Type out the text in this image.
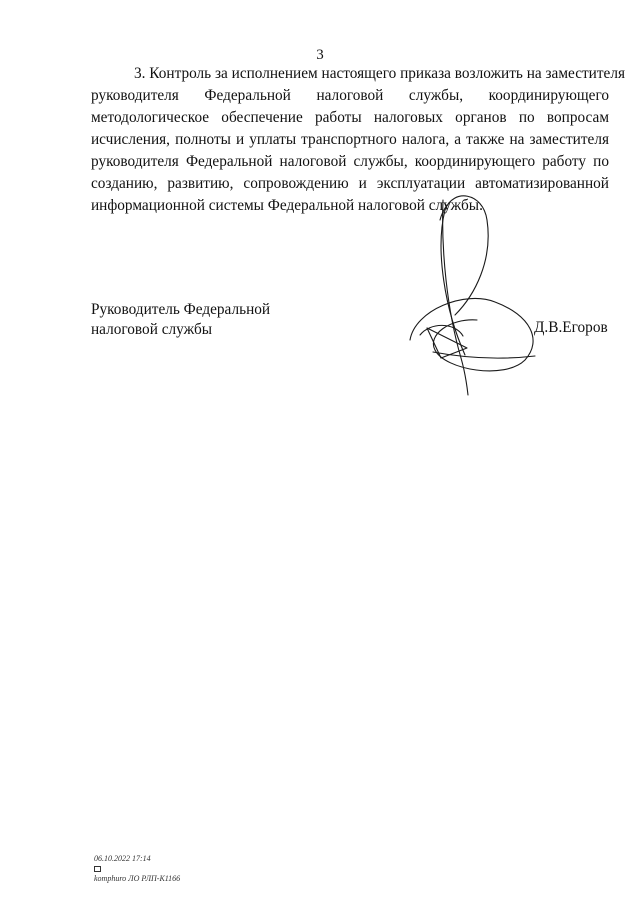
3
3. Контроль за исполнением настоящего приказа возложить на заместителя
руководителя Федеральной налоговой службы, координирующего
методологическое обеспечение работы налоговых органов по вопросам
исчисления, полноты и уплаты транспортного налога, а также на заместителя
руководителя Федеральной налоговой службы, координирующего работу по
созданию, развитию, сопровождению и эксплуатации автоматизированной
информационной системы Федеральной налоговой службы.
Руководитель Федеральной
налоговой службы	Д.В.Егоров
06.10.2022 17:14
komphuro ЛО РЛП-К1166
